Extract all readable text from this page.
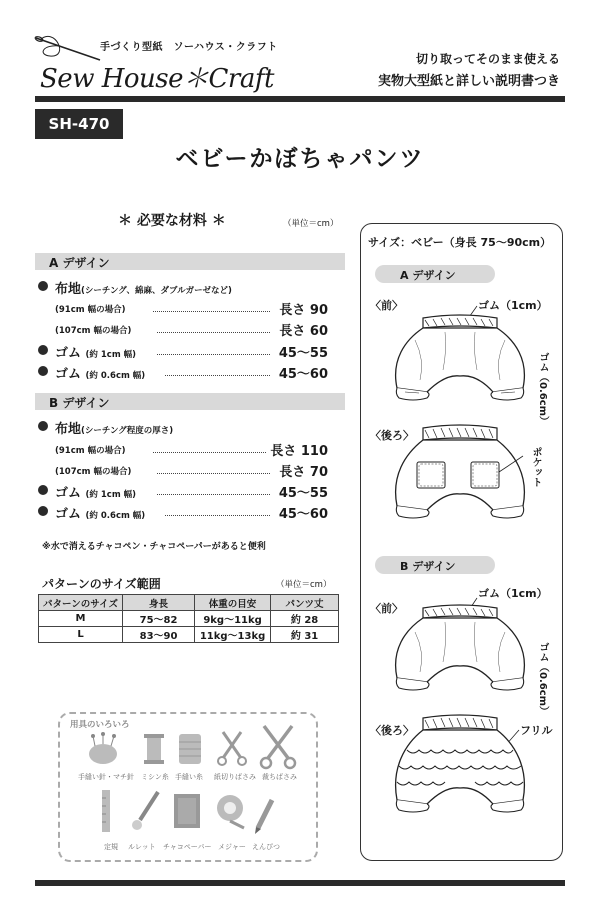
手づくり型紙　ソーハウス・クラフト
Sew House＊Craft
切り取ってそのまま使える
実物大型紙と詳しい説明書つき
SH-470
ベビーかぼちゃパンツ
＊ 必要な材料 ＊	（単位＝cm）
A デザイン
布地(シーチング、綿麻、ダブルガーゼなど)
(91cm 幅の場合)	長さ 90
(107cm 幅の場合)	長さ 60
ゴム (約 1cm 幅)	45〜55
ゴム (約 0.6cm 幅)	45〜60
B デザイン
布地(シーチング程度の厚さ)
(91cm 幅の場合)	長さ 110
(107cm 幅の場合)	長さ 70
ゴム (約 1cm 幅)	45〜55
ゴム (約 0.6cm 幅)	45〜60
※水で消えるチャコペン・チャコペーパーがあると便利
パターンのサイズ範囲	（単位＝cm）
パターンのサイズ	身長	体重の目安	パンツ丈
M	75〜82	9kg〜11kg	約 28
L	83〜90	11kg〜13kg	約 31
用具のいろいろ
手縫い針・マチ針 ミシン糸 手縫い糸 紙切りばさみ 裁ちばさみ
定規 ルレット チャコペーパー メジャー えんぴつ
サイズ：ベビー（身長 75〜90cm）
A デザイン
〈前〉	ゴム（1cm）
ゴム（0.6cm）
〈後ろ〉
ポケット
B デザイン
〈前〉
ゴム（1cm）
ゴム（0.6cm）
〈後ろ〉	フリル
